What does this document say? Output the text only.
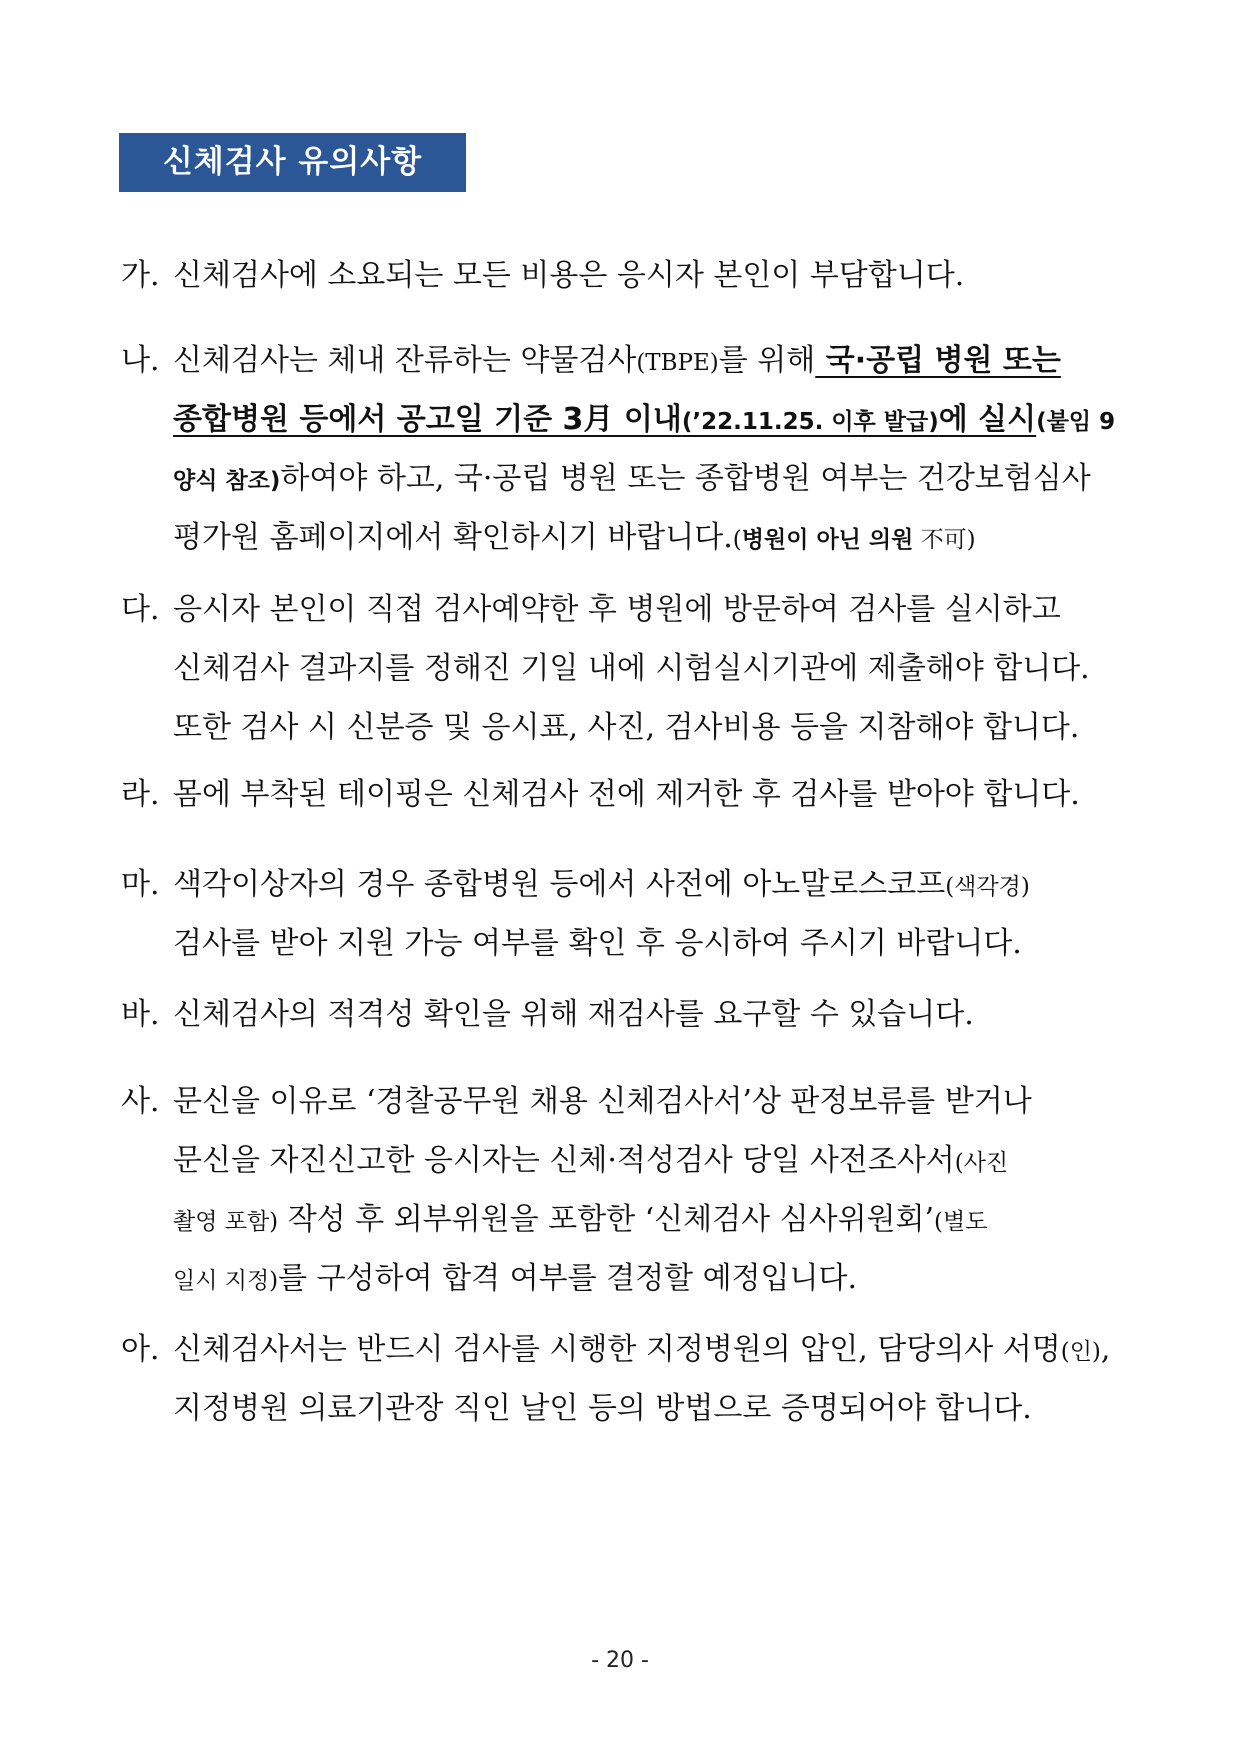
신체검사 유의사항
가. 신체검사에 소요되는 모든 비용은 응시자 본인이 부담합니다.
나. 신체검사는 체내 잔류하는 약물검사(TBPE)를 위해 국·공립 병원 또는
종합병원 등에서 공고일 기준 3月 이내(’22.11.25. 이후 발급)에 실시(붙임 9
양식 참조)하여야 하고, 국·공립 병원 또는 종합병원 여부는 건강보험심사
평가원 홈페이지에서 확인하시기 바랍니다.(병원이 아닌 의원 不可)
다. 응시자 본인이 직접 검사예약한 후 병원에 방문하여 검사를 실시하고
신체검사 결과지를 정해진 기일 내에 시험실시기관에 제출해야 합니다.
또한 검사 시 신분증 및 응시표, 사진, 검사비용 등을 지참해야 합니다.
라. 몸에 부착된 테이핑은 신체검사 전에 제거한 후 검사를 받아야 합니다.
마. 색각이상자의 경우 종합병원 등에서 사전에 아노말로스코프(색각경)
검사를 받아 지원 가능 여부를 확인 후 응시하여 주시기 바랍니다.
바. 신체검사의 적격성 확인을 위해 재검사를 요구할 수 있습니다.
사. 문신을 이유로 ‘경찰공무원 채용 신체검사서’상 판정보류를 받거나
문신을 자진신고한 응시자는 신체·적성검사 당일 사전조사서(사진
촬영 포함) 작성 후 외부위원을 포함한 ‘신체검사 심사위원회’(별도
일시 지정)를 구성하여 합격 여부를 결정할 예정입니다.
아. 신체검사서는 반드시 검사를 시행한 지정병원의 압인, 담당의사 서명(인),
지정병원 의료기관장 직인 날인 등의 방법으로 증명되어야 합니다.
- 20 -
